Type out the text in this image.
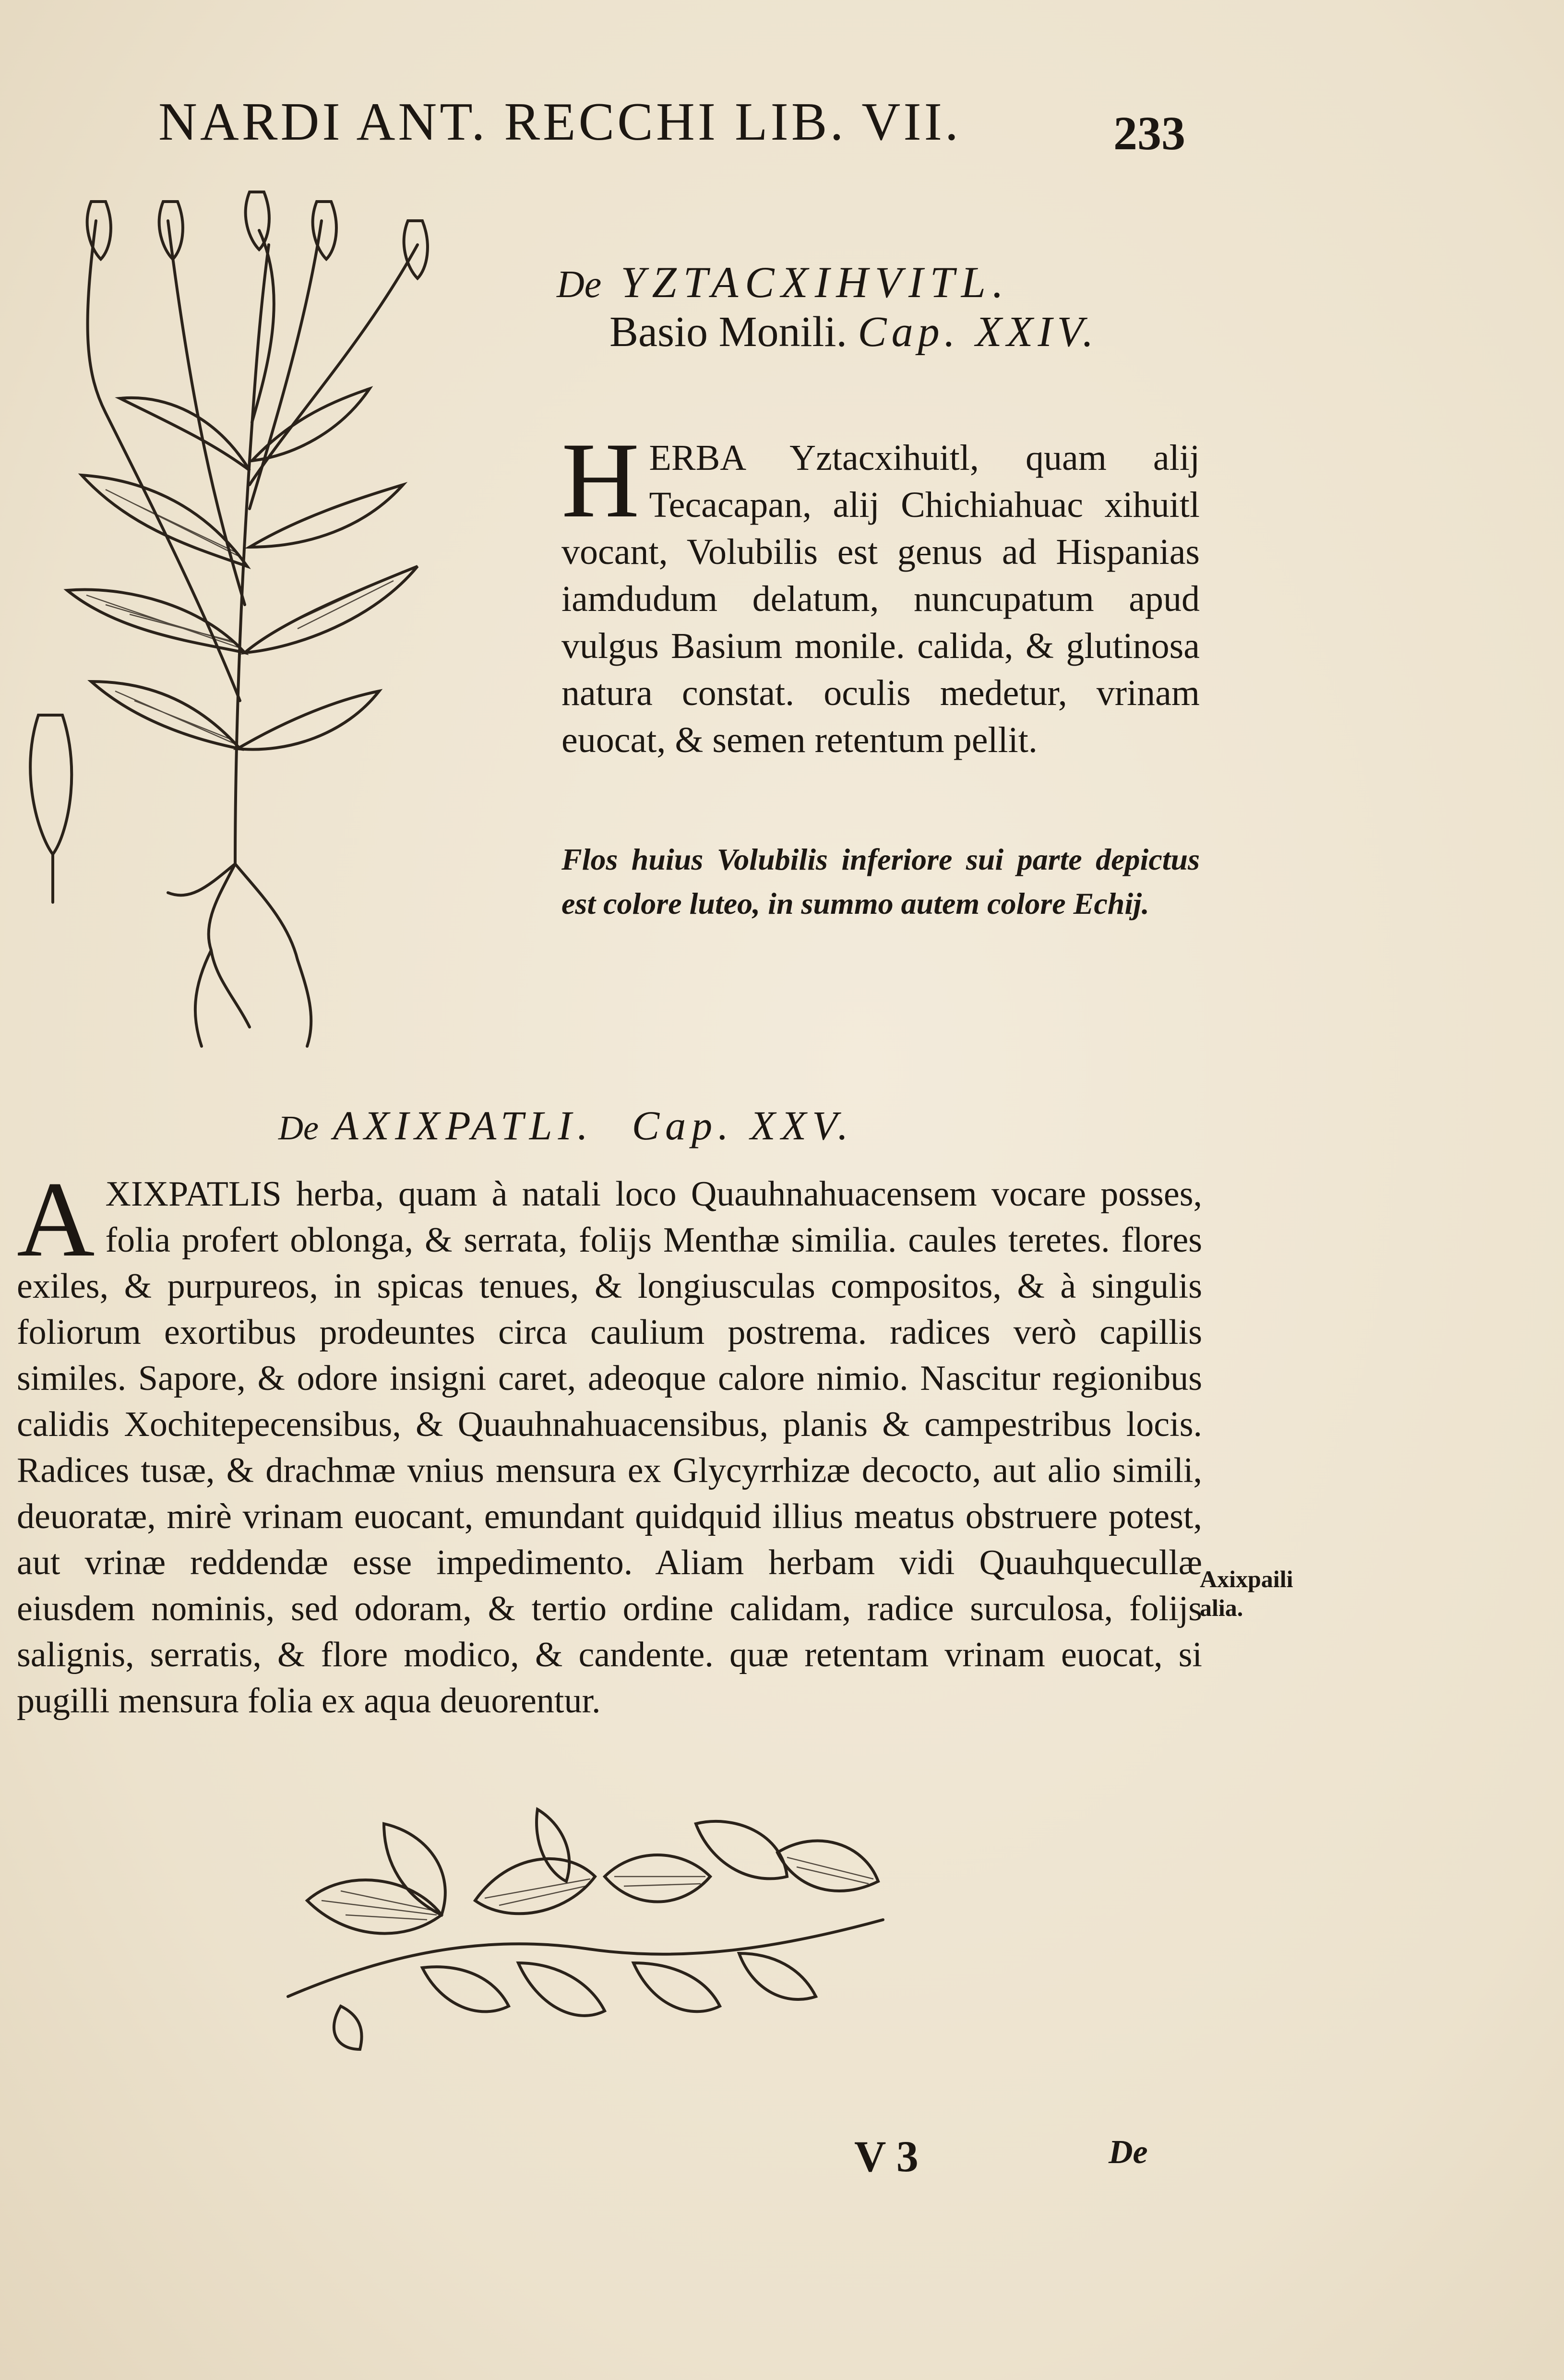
NARDI ANT. RECCHI LIB. VII.	233
De YZTACXIHVITL.
Basio Monili. Cap. XXIV.
HERBA Yztacxihuitl, quam alij Tecacapan, alij Chichiahuac xihuitl vocant, Volubilis est genus ad Hispanias iamdudum delatum, nuncupatum apud vulgus Basium monile. calida, & glutinosa natura constat. oculis medetur, vrinam euocat, & semen retentum pellit.
Flos huius Volubilis inferiore sui parte depictus est colore luteo, in summo autem colore Echij.
De AXIXPATLI. Cap. XXV.
AXIXPATLIS herba, quam à natali loco Quauhnahuacensem vocare posses, folia profert oblonga, & serrata, folijs Menthæ similia. caules teretes. flores exiles, & purpureos, in spicas tenues, & longiusculas compositos, & à singulis foliorum exortibus prodeuntes circa caulium postrema. radices verò capillis similes. Sapore, & odore insigni caret, adeoque calore nimio. Nascitur regionibus calidis Xochitepecensibus, & Quauhnahuacensibus, planis & campestribus locis. Radices tusæ, & drachmæ vnius mensura ex Glycyrrhizæ decocto, aut alio simili, deuoratæ, mirè vrinam euocant, emundant quidquid illius meatus obstruere potest, aut vrinæ reddendæ esse impedimento. Aliam herbam vidi Quauhquecullæ eiusdem nominis, sed odoram, & tertio ordine calidam, radice surculosa, folijs salignis, serratis, & flore modico, & candente. quæ retentam vrinam euocat, si pugilli mensura folia ex aqua deuorentur.
Axixpaili alia.
V 3	De
